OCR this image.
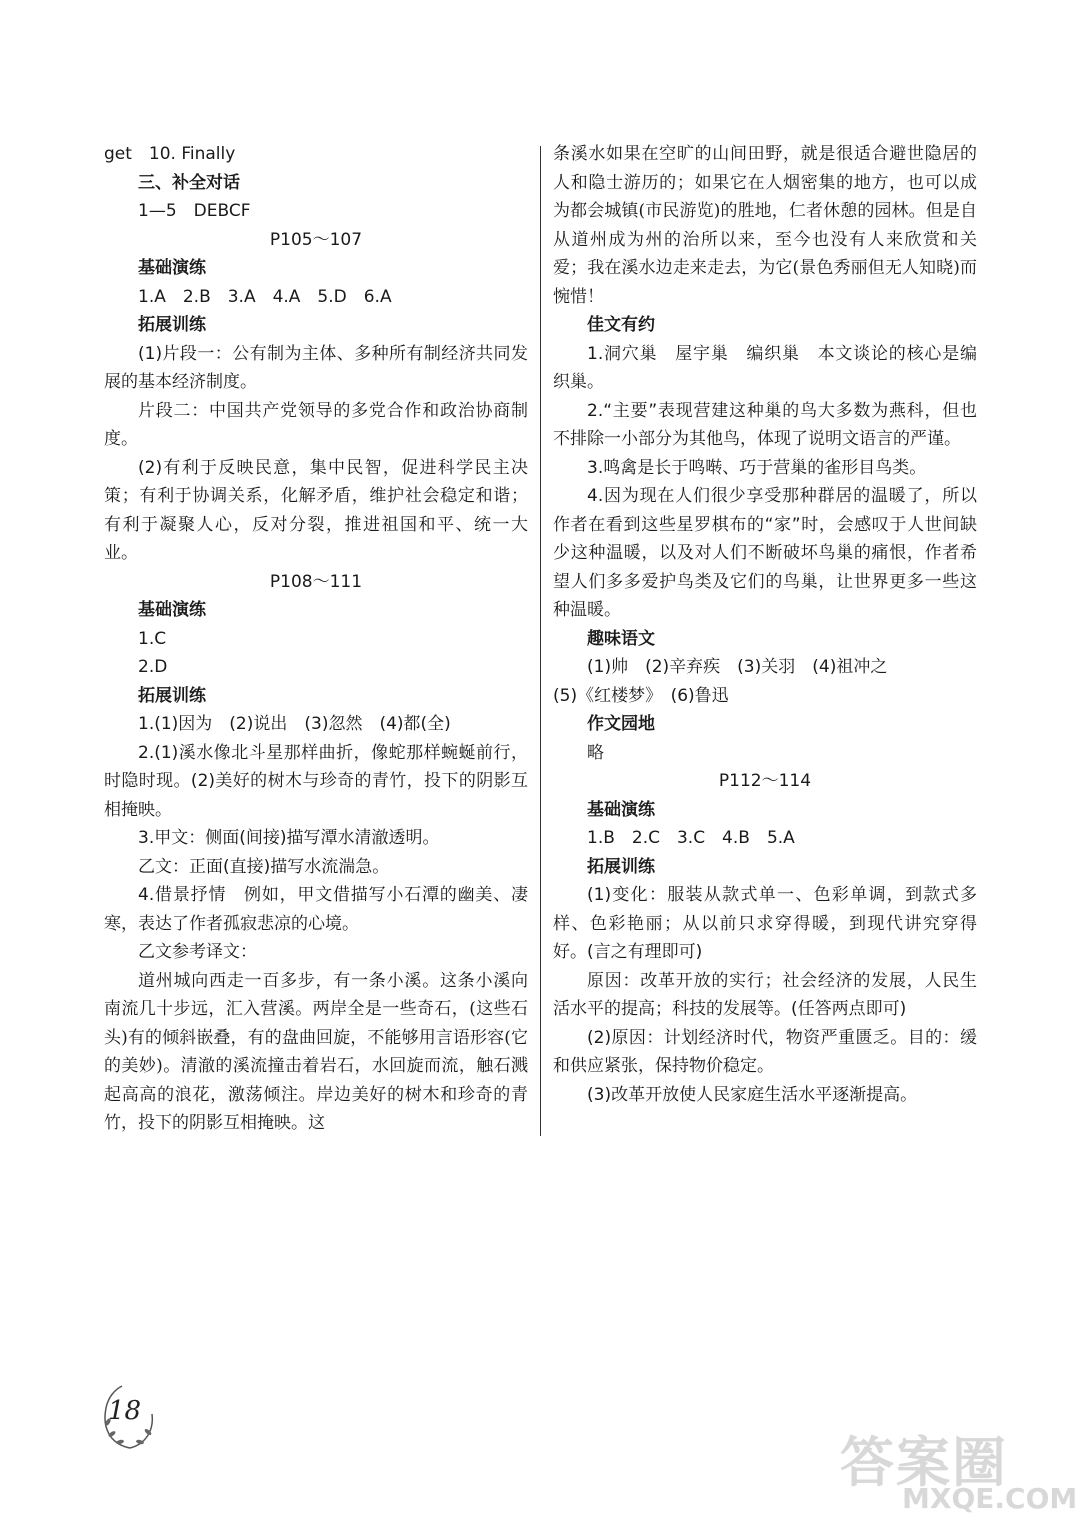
get　10. Finally

三、补全对话

1—5　DEBCF

P105～107

基础演练

1.A　2.B　3.A　4.A　5.D　6.A

拓展训练

(1)片段一：公有制为主体、多种所有制经济共同发展的基本经济制度。

片段二：中国共产党领导的多党合作和政治协商制度。

(2)有利于反映民意，集中民智，促进科学民主决策；有利于协调关系，化解矛盾，维护社会稳定和谐；有利于凝聚人心，反对分裂，推进祖国和平、统一大业。

P108～111

基础演练

1.C

2.D

拓展训练

1.(1)因为　(2)说出　(3)忽然　(4)都(全)

2.(1)溪水像北斗星那样曲折，像蛇那样蜿蜒前行，时隐时现。(2)美好的树木与珍奇的青竹，投下的阴影互相掩映。

3.甲文：侧面(间接)描写潭水清澈透明。

乙文：正面(直接)描写水流湍急。

4.借景抒情　例如，甲文借描写小石潭的幽美、凄寒，表达了作者孤寂悲凉的心境。

乙文参考译文：

道州城向西走一百多步，有一条小溪。这条小溪向南流几十步远，汇入营溪。两岸全是一些奇石，(这些石头)有的倾斜嵌叠，有的盘曲回旋，不能够用言语形容(它的美妙)。清澈的溪流撞击着岩石，水回旋而流，触石溅起高高的浪花，激荡倾注。岸边美好的树木和珍奇的青竹，投下的阴影互相掩映。这

条溪水如果在空旷的山间田野，就是很适合避世隐居的人和隐士游历的；如果它在人烟密集的地方，也可以成为都会城镇(市民游览)的胜地，仁者休憩的园林。但是自从道州成为州的治所以来，至今也没有人来欣赏和关爱；我在溪水边走来走去，为它(景色秀丽但无人知晓)而惋惜！

佳文有约

1.洞穴巢　屋宇巢　编织巢　本文谈论的核心是编织巢。

2.“主要”表现营建这种巢的鸟大多数为燕科，但也不排除一小部分为其他鸟，体现了说明文语言的严谨。

3.鸣禽是长于鸣啭、巧于营巢的雀形目鸟类。

4.因为现在人们很少享受那种群居的温暖了，所以作者在看到这些星罗棋布的“家”时，会感叹于人世间缺少这种温暖，以及对人们不断破坏鸟巢的痛恨，作者希望人们多多爱护鸟类及它们的鸟巢，让世界更多一些这种温暖。

趣味语文

(1)帅　(2)辛弃疾　(3)关羽　(4)祖冲之

(5)《红楼梦》　(6)鲁迅

作文园地

略

P112～114

基础演练

1.B　2.C　3.C　4.B　5.A

拓展训练

(1)变化：服装从款式单一、色彩单调，到款式多样、色彩艳丽；从以前只求穿得暖，到现代讲究穿得好。(言之有理即可)

原因：改革开放的实行；社会经济的发展，人民生活水平的提高；科技的发展等。(任答两点即可)

(2)原因：计划经济时代，物资严重匮乏。目的：缓和供应紧张，保持物价稳定。

(3)改革开放使人民家庭生活水平逐渐提高。

18
答案圈
MXQE.COM
